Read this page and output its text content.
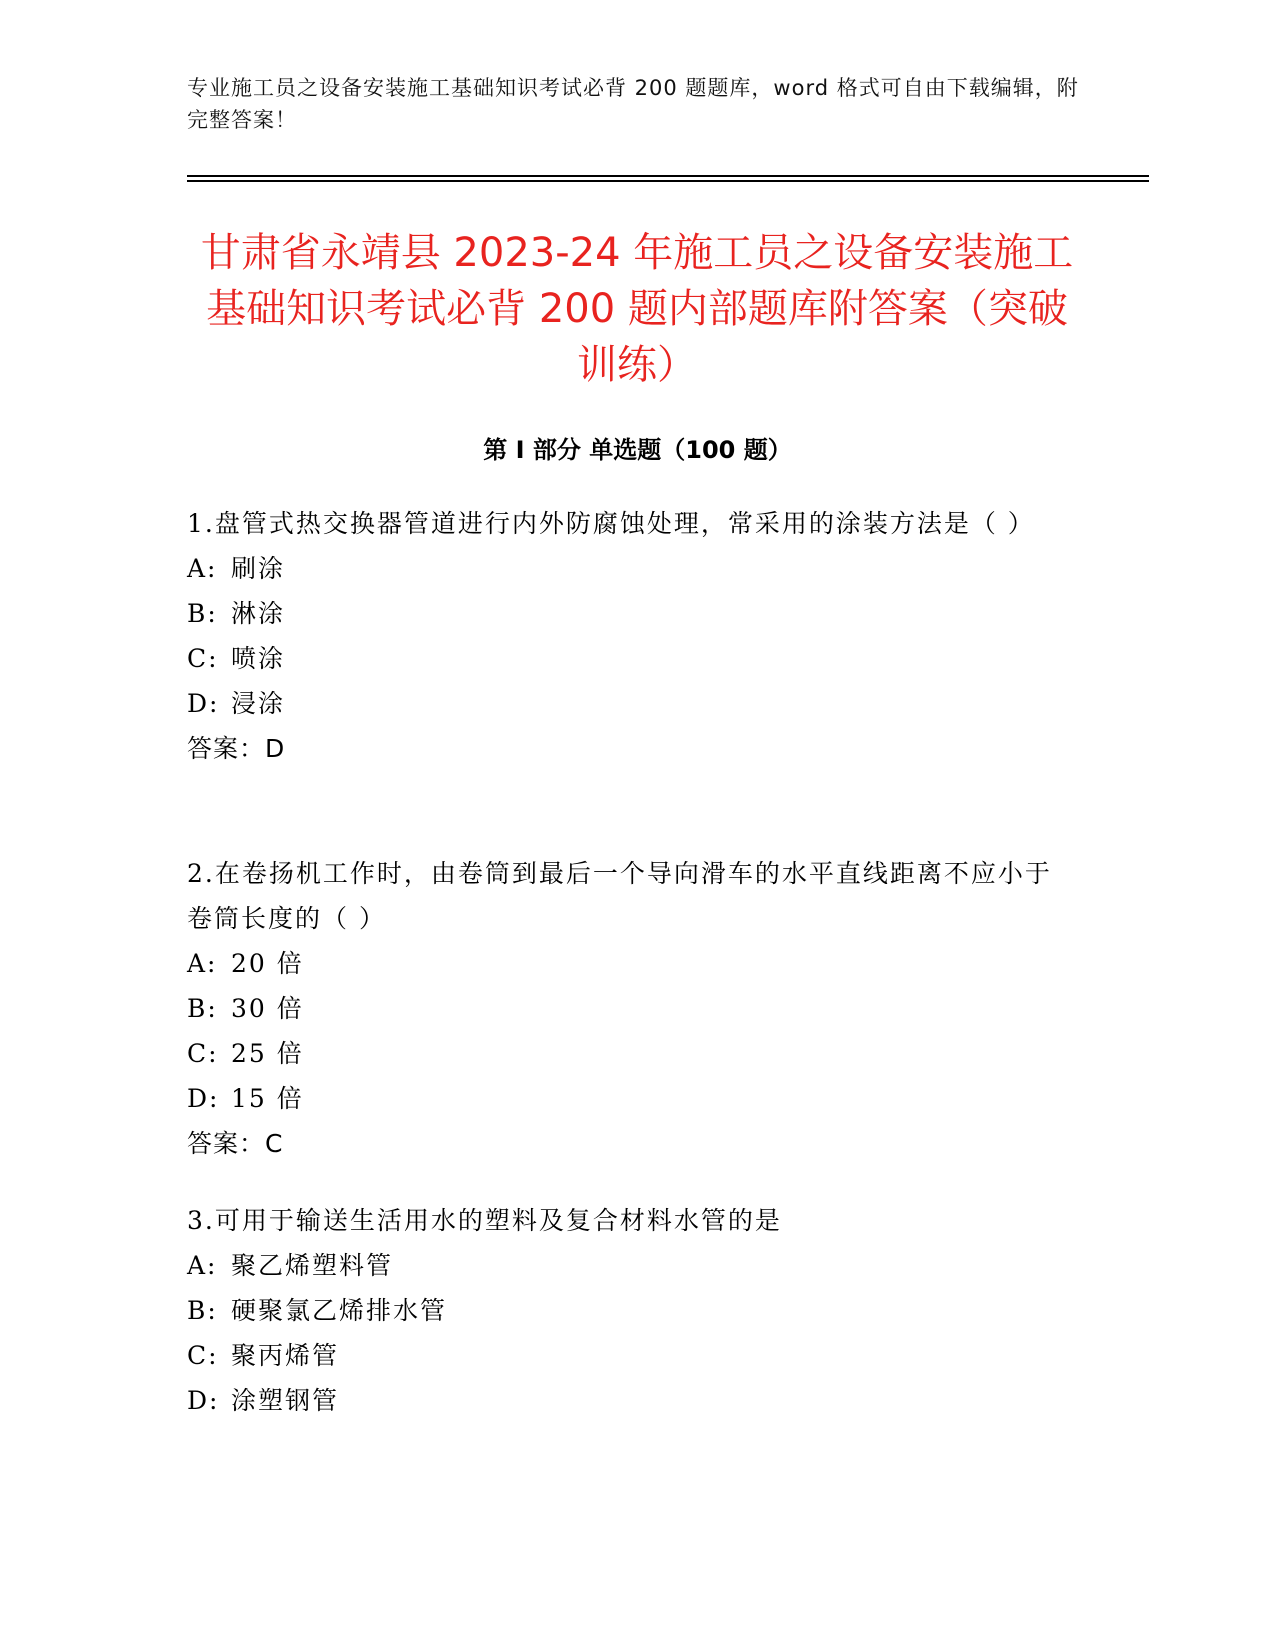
专业施工员之设备安装施工基础知识考试必背 200 题题库，word 格式可自由下载编辑，附完整答案！
甘肃省永靖县 2023-24 年施工员之设备安装施工基础知识考试必背 200 题内部题库附答案（突破训练）
第 I 部分 单选题（100 题）
1.盘管式热交换器管道进行内外防腐蚀处理，常采用的涂装方法是（ ）
A: 刷涂
B: 淋涂
C: 喷涂
D: 浸涂
答案：D
2.在卷扬机工作时，由卷筒到最后一个导向滑车的水平直线距离不应小于卷筒长度的（ ）
A: 20 倍
B: 30 倍
C: 25 倍
D: 15 倍
答案：C
3.可用于输送生活用水的塑料及复合材料水管的是
A: 聚乙烯塑料管
B: 硬聚氯乙烯排水管
C: 聚丙烯管
D: 涂塑钢管
